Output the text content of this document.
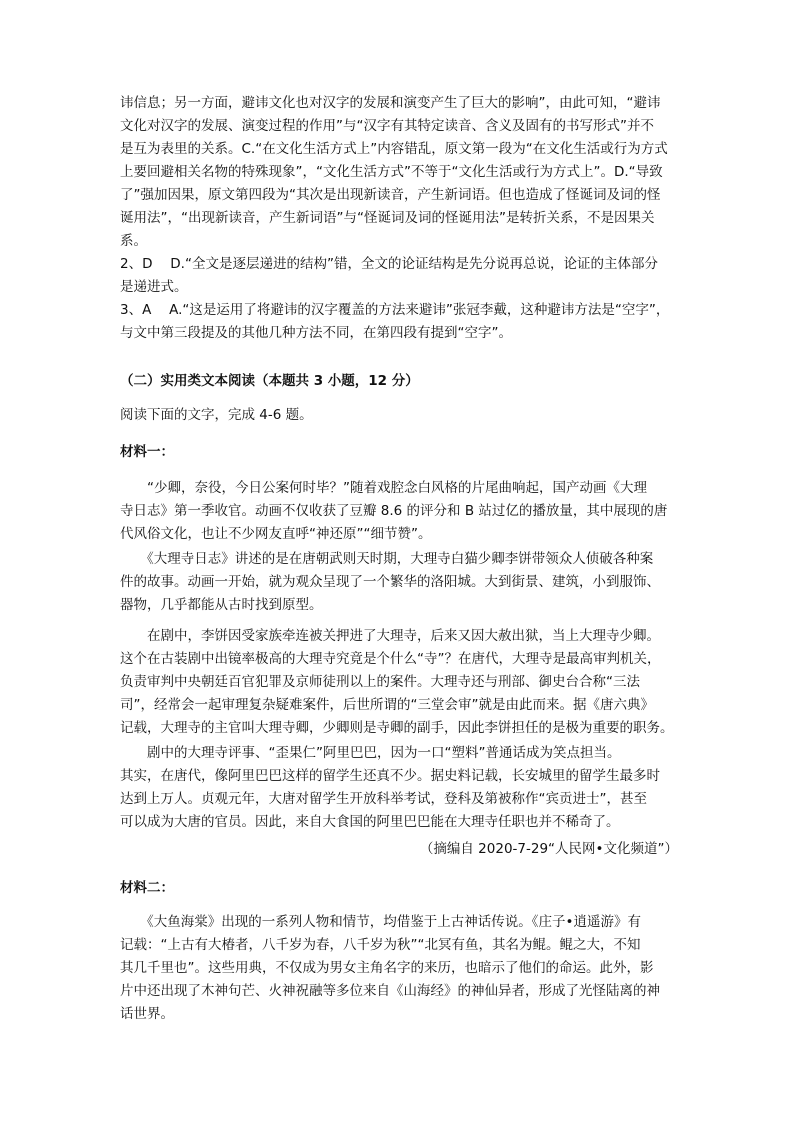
讳信息；另一方面，避讳文化也对汉字的发展和演变产生了巨大的影响”，由此可知，“避讳

文化对汉字的发展、演变过程的作用”与“汉字有其特定读音、含义及固有的书写形式”并不

是互为表里的关系。C.“在文化生活方式上”内容错乱，原文第一段为“在文化生活或行为方式

上要回避相关名物的特殊现象”，“文化生活方式”不等于“文化生活或行为方式上”。D.“导致

了”强加因果，原文第四段为“其次是出现新读音，产生新词语。但也造成了怪诞词及词的怪

诞用法”，“出现新读音，产生新词语”与“怪诞词及词的怪诞用法”是转折关系，不是因果关

系。

2、D　 D.“全文是逐层递进的结构”错，全文的论证结构是先分说再总说，论证的主体部分

是递进式。

3、A　 A.“这是运用了将避讳的汉字覆盖的方法来避讳”张冠李戴，这种避讳方法是“空字”，

与文中第三段提及的其他几种方法不同，在第四段有提到“空字”。

（二）实用类文本阅读（本题共 3 小题，12 分）

阅读下面的文字，完成 4-6 题。

材料一：

　　“少卿，奈役，今日公案何时毕？”随着戏腔念白风格的片尾曲响起，国产动画《大理

寺日志》第一季收官。动画不仅收获了豆瓣 8.6 的评分和 B 站过亿的播放量，其中展现的唐

代风俗文化，也让不少网友直呼“神还原”“细节赞”。

　　《大理寺日志》讲述的是在唐朝武则天时期，大理寺白猫少卿李饼带领众人侦破各种案

件的故事。动画一开始，就为观众呈现了一个繁华的洛阳城。大到街景、建筑，小到服饰、

器物，几乎都能从古时找到原型。

　　在剧中，李饼因受家族牵连被关押进了大理寺，后来又因大赦出狱，当上大理寺少卿。

这个在古装剧中出镜率极高的大理寺究竟是个什么“寺”？在唐代，大理寺是最高审判机关，

负责审判中央朝廷百官犯罪及京师徒刑以上的案件。大理寺还与刑部、御史台合称“三法

司”，经常会一起审理复杂疑难案件，后世所谓的“三堂会审”就是由此而来。据《唐六典》

记载，大理寺的主官叫大理寺卿，少卿则是寺卿的副手，因此李饼担任的是极为重要的职务。

　　剧中的大理寺评事、“歪果仁”阿里巴巴，因为一口“塑料”普通话成为笑点担当。

其实，在唐代，像阿里巴巴这样的留学生还真不少。据史料记载，长安城里的留学生最多时

达到上万人。贞观元年，大唐对留学生开放科举考试，登科及第被称作“宾贡进士”，甚至

可以成为大唐的官员。因此，来自大食国的阿里巴巴能在大理寺任职也并不稀奇了。

（摘编自 2020-7-29“人民网•文化频道”）

材料二：

　　《大鱼海棠》出现的一系列人物和情节，均借鉴于上古神话传说。《庄子•逍遥游》有

记载：“上古有大椿者，八千岁为春，八千岁为秋”“北冥有鱼，其名为鲲。鲲之大，不知

其几千里也”。这些用典，不仅成为男女主角名字的来历，也暗示了他们的命运。此外，影

片中还出现了木神句芒、火神祝融等多位来自《山海经》的神仙异者，形成了光怪陆离的神

话世界。
